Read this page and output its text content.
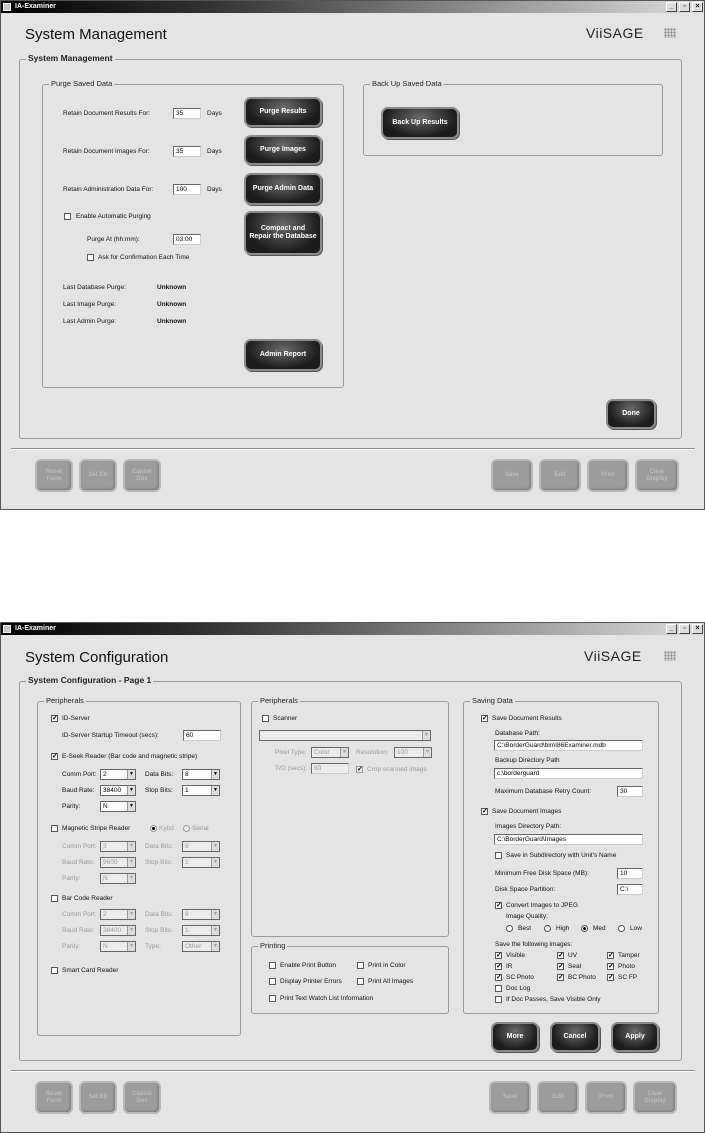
IA-Examiner	_	▫	×
System Management	ViiSAGE
System Management
Purge Saved Data
Retain Document Results For:	35	Days
Retain Document Images For:	35	Days
Retain Administration Data For:	100	Days
Enable Automatic Purging
Purge At (hh:mm):	03:00
Ask for Confirmation Each Time
Last Database Purge:	Unknown
Last Image Purge:	Unknown
Last Admin Purge:	Unknown
Purge Results
Purge Images
Purge Admin Data
Compact and Repair the Database
Admin Report
Back Up Saved Data
Back Up Results
Done
Reset Form
Set Ett
Cancel Doc
Save	Edit	Print
Clear Display
IA-Examiner	_	▫	×
System Configuration	ViiSAGE
System Configuration - Page 1
Peripherals
✓ ID-Server
ID-Server Startup Timeout (secs):	60
✓ E-Seek Reader (Bar code and magnetic stripe)
Comm Port: 2	▼ Data Bits:	8	▼
Baud Rate:	38400	▼ Stop Bits:	1	▼
Parity:	N	▼
Magnetic Stripe Reader	Kybd	Serial
Comm Port: 3	▼ Data Bits:	8	▼
Baud Rate:	9600	▼ Stop Bits:	1	▼
Parity:	N	▼
Bar Code Reader
Comm Port: 2	▼ Data Bits:	8	▼
Baud Rate:	38400	▼ Stop Bits:	1	▼
Parity:	N	▼ Type:	Other	▼
Smart Card Reader
Peripherals
Scanner
▼
Pixel Type:	Color	▼ Resolution:	100	▼
T/O (secs):	60	✓ Crop scanned image
Printing
Enable Print Button	Print in Color
Display Printer Errors	Print All Images
Print Text Watch List Information
Saving Data
✓ Save Document Results
Database Path:
C:\BorderGuard\bin\I86Examiner.mdb
Backup Directory Path
c:\borderguard
Maximum Database Retry Count:	30
✓ Save Document Images
Images Directory Path:
C:\BorderGuard\Images
Save in Subdirectory with Unit's Name
Minimum Free Disk Space (MB):	10
Disk Space Partition:	C:\
✓ Convert Images to JPEG
Image Quality:
Best	High	Med	Low
Save the following images:
✓ Visible	✓ UV	✓ Tamper
✓ IR	✓ Seal	✓ Photo
✓ SC Photo	✓ BC Photo ✓ SC FP
Doc Log
If Doc Passes, Save Visible Only
More	Cancel	Apply
Reset Form
Set Ett
Cancel Doc
Save	Edit	Print
Clear Display
